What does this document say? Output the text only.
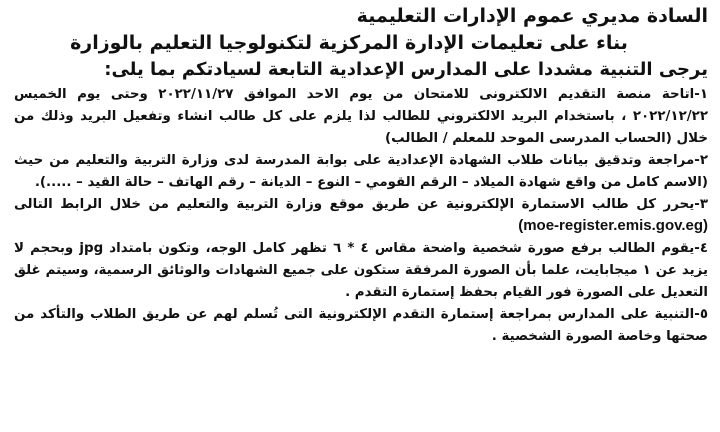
السادة مديري عموم الإدارات التعليمية
بناء على تعليمات الإدارة المركزية لتكنولوجيا التعليم بالوزارة
يرجى التنبية مشددا على المدارس الإعدادية التابعة لسيادتكم بما يلى:

١-اتاحة منصة التقديم الالكترونى للامتحان من يوم الاحد الموافق ٢٠٢٢/١١/٢٧ وحتى يوم الخميس ٢٠٢٢/١٢/٢٢ ، باستخدام البريد الالكتروني للطالب لذا يلزم على كل طالب انشاء وتفعيل البريد وذلك من خلال (الحساب المدرسى الموحد للمعلم / الطالب)

٢-مراجعة وتدقيق بيانات طلاب الشهادة الإعدادية على بوابة المدرسة لدى وزارة التربية والتعليم من حيث (الاسم كامل من واقع شهادة الميلاد – الرقم القومي – النوع – الديانة – رقم الهاتف – حالة القيد – .....).

٣-يحرر كل طالب الاستمارة الإلكترونية عن طريق موقع وزارة التربية والتعليم من خلال الرابط التالى (moe-register.emis.gov.eg)

٤-يقوم الطالب برفع صورة شخصية واضحة مقاس ٤ * ٦ تظهر كامل الوجه، وتكون بامتداد jpg وبحجم لا يزيد عن ١ ميجابايت، علما بأن الصورة المرفقة ستكون على جميع الشهادات والوثائق الرسمية، وسيتم غلق التعديل على الصورة فور القيام بحفظ إستمارة التقدم .

٥-التنبية على المدارس بمراجعة إستمارة التقدم الإلكترونية التى تُسلم لهم عن طريق الطلاب والتأكد من صحتها وخاصة الصورة الشخصية .
